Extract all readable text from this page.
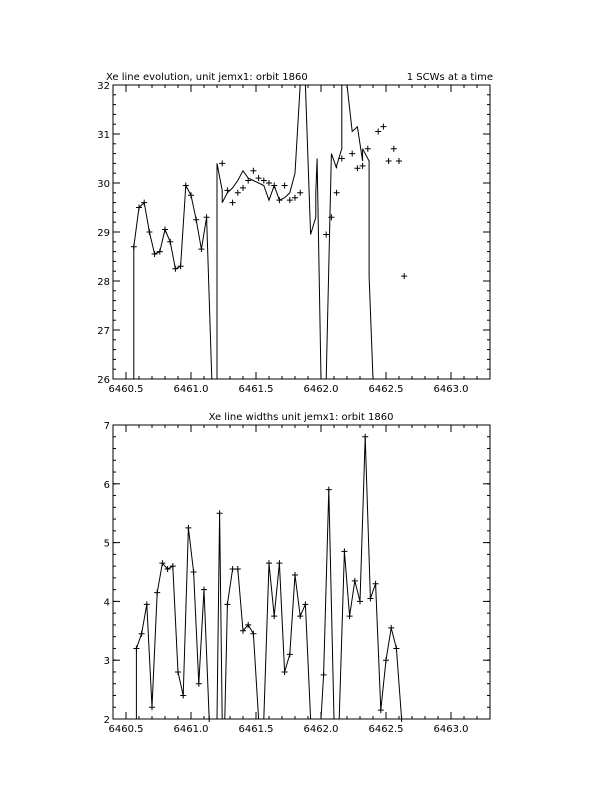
Xe line evolution, unit jemx1: orbit 1860	1 SCWs at a time
6460.5	6461.0	6461.5	6462.0	6462.5	6463.0
26
27
28
29
30
31
32
Xe line widths unit jemx1: orbit 1860
6460.5	6461.0	6461.5	6462.0	6462.5	6463.0
2
3
4
5
6
7
